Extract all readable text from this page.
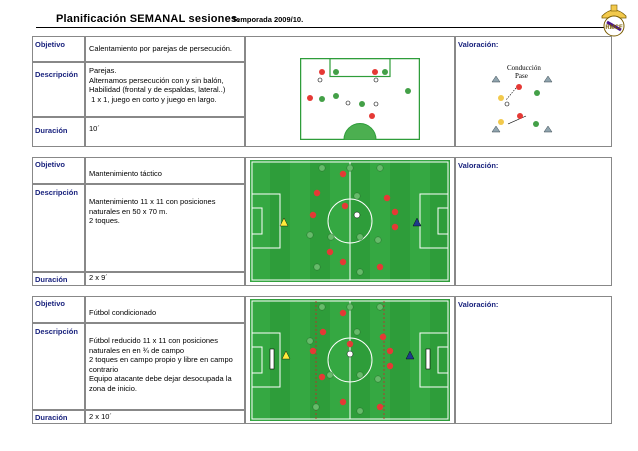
Planificación SEMANAL sesiones.
Temporada 2009/10.
RMCF
Objetivo	Calentamiento por parejas de persecución.
Descripción Parejas.
Alternamos persecución con y sin balón,
Habilidad (frontal y de espaldas, lateral..)
1 x 1, juego en corto y juego en largo.
Duración	10´
Valoración:
Conducción
Pase
Objetivo
Mantenimiento táctico
Descripción
Mantenimiento 11 x 11 con posiciones
naturales en 50 x 70 m.
2 toques.
Duración	2 x 9´
Valoración:
Objetivo
Fútbol condicionado
Descripción
Fútbol reducido 11 x 11 con posiciones
naturales en en ¾ de campo
2 toques en campo propio y libre en campo
contrario
Equipo atacante debe dejar desocupada la
zona de inicio.
Duración	2 x 10´
Valoración:
